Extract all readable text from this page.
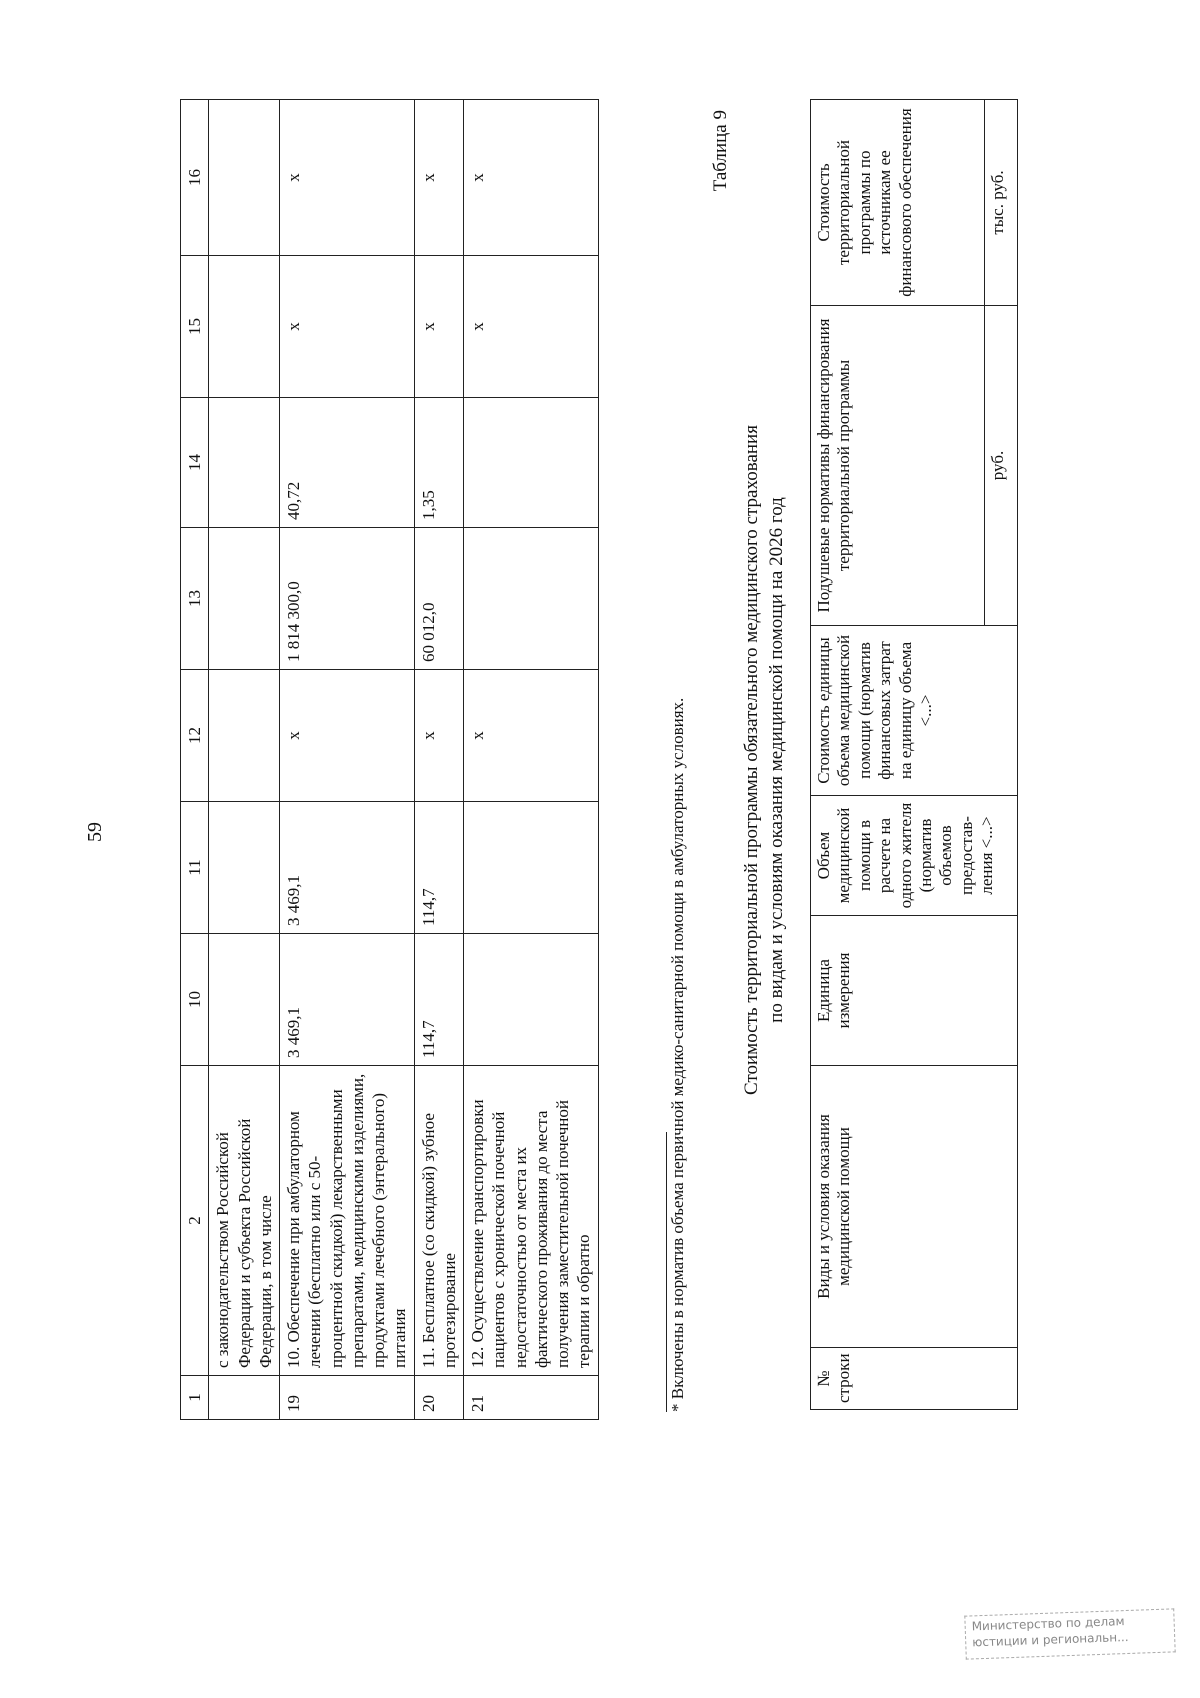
59
1	2	10	11	12	13	14	15	16
	с законодательством Российской Федерации и субъекта Российской Федерации, в том числе							
19	10. Обеспечение при амбулаторном лечении (бесплатно или с 50-процентной скидкой) лекарственными препаратами, медицинскими изделиями, продуктами лечебного (энтерального) питания	3 469,1	3 469,1	х	1 814 300,0	40,72	х	х
20	11. Бесплатное (со скидкой) зубное протезирование	114,7	114,7	х	60 012,0	1,35	х	х
21	12. Осуществление транспортировки пациентов с хронической почечной недостаточностью от места их фактического проживания до места получения заместительной почечной терапии и обратно			х			х	х
* Включены в норматив объема первичной медико-санитарной помощи в амбулаторных условиях.
Таблица 9
Стоимость территориальной программы обязательного медицинского страхования по видам и условиям оказания медицинской помощи на 2026 год
№ строки	Виды и условия оказания медицинской помощи	Единица измерения	Объем медицинской помощи в расчете на одного жителя (норматив объемов предостав-ления <...>	Стоимость единицы объема медицинской помощи (норматив финансовых затрат на единицу объема <...>	Подушевые нормативы финансирования территориальной программы	Стоимость территориальной программы по источникам ее финансового обеспечения
					руб.	тыс. руб.
Министерство по делам
юстиции и региональн...
